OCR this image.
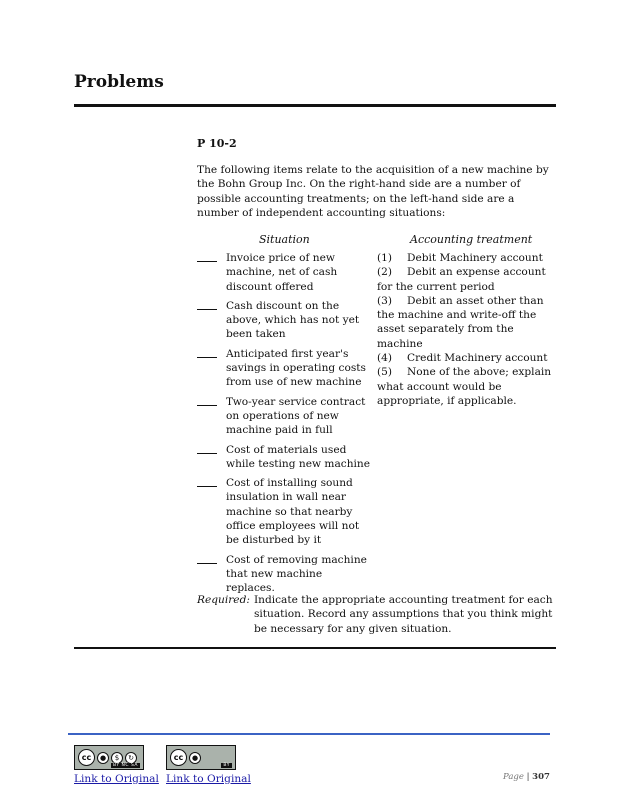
Problems
P 10-2

The following items relate to the acquisition of a new machine by the Bohn Group Inc. On the right-hand side are a number of possible accounting treatments; on the left-hand side are a number of independent accounting situations:

Situation	Accounting treatment
Invoice price of new machine, net of cash discount offered
Cash discount on the above, which has not yet been taken
Anticipated first year's savings in operating costs from use of new machine
Two-year service contract on operations of new machine paid in full
Cost of materials used while testing new machine
Cost of installing sound insulation in wall near machine so that nearby office employees will not be disturbed by it
Cost of removing machine that new machine replaces.
(1) Debit Machinery account
(2) Debit an expense account for the current period
(3) Debit an asset other than the machine and write-off the asset separately from the machine
(4) Credit Machinery account
(5) None of the above; explain what account would be appropriate, if applicable.
Required: Indicate the appropriate accounting treatment for each situation. Record any assumptions that you think might be necessary for any given situation.
cc	●	$	↻
BY NC SA
cc	●
BY
Link to Original Link to Original	Page | 307
